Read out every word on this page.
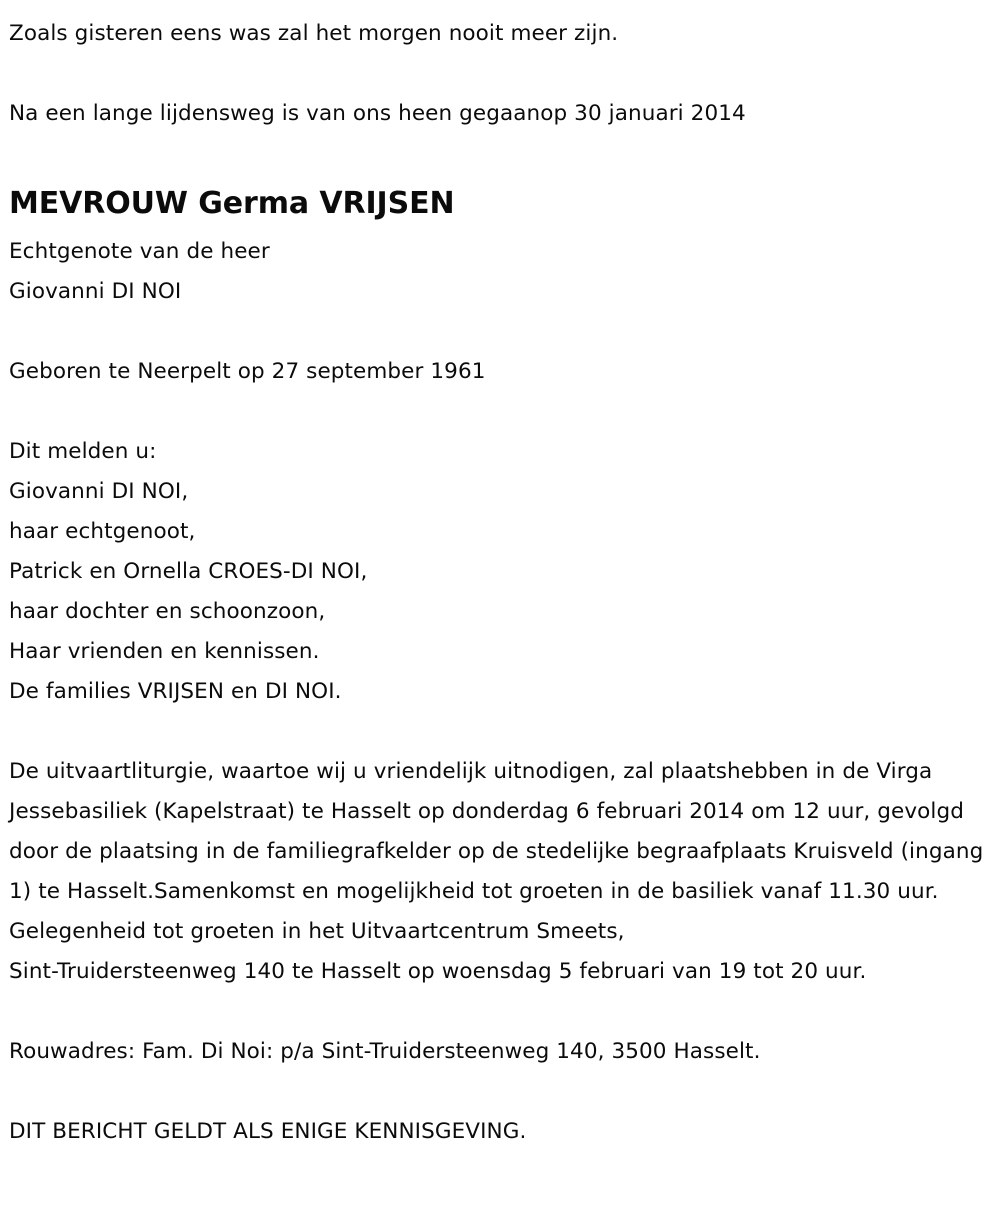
Zoals gisteren eens was zal het morgen nooit meer zijn.

Na een lange lijdensweg is van ons heen gegaanop 30 januari 2014

MEVROUW Germa VRIJSEN
Echtgenote van de heer
Giovanni DI NOI

Geboren te Neerpelt op 27 september 1961

Dit melden u:
Giovanni DI NOI,
haar echtgenoot,
Patrick en Ornella CROES-DI NOI,
haar dochter en schoonzoon,
Haar vrienden en kennissen.
De families VRIJSEN en DI NOI.

De uitvaartliturgie, waartoe wij u vriendelijk uitnodigen, zal plaatshebben in de Virga Jessebasiliek (Kapelstraat) te Hasselt op donderdag 6 februari 2014 om 12 uur, gevolgd door de plaatsing in de familiegrafkelder op de stedelijke begraafplaats Kruisveld (ingang 1) te Hasselt.Samenkomst en mogelijkheid tot groeten in de basiliek vanaf 11.30 uur.
Gelegenheid tot groeten in het Uitvaartcentrum Smeets,
Sint-Truidersteenweg 140 te Hasselt op woensdag 5 februari van 19 tot 20 uur.

Rouwadres: Fam. Di Noi: p/a Sint-Truidersteenweg 140, 3500 Hasselt.

DIT BERICHT GELDT ALS ENIGE KENNISGEVING.
